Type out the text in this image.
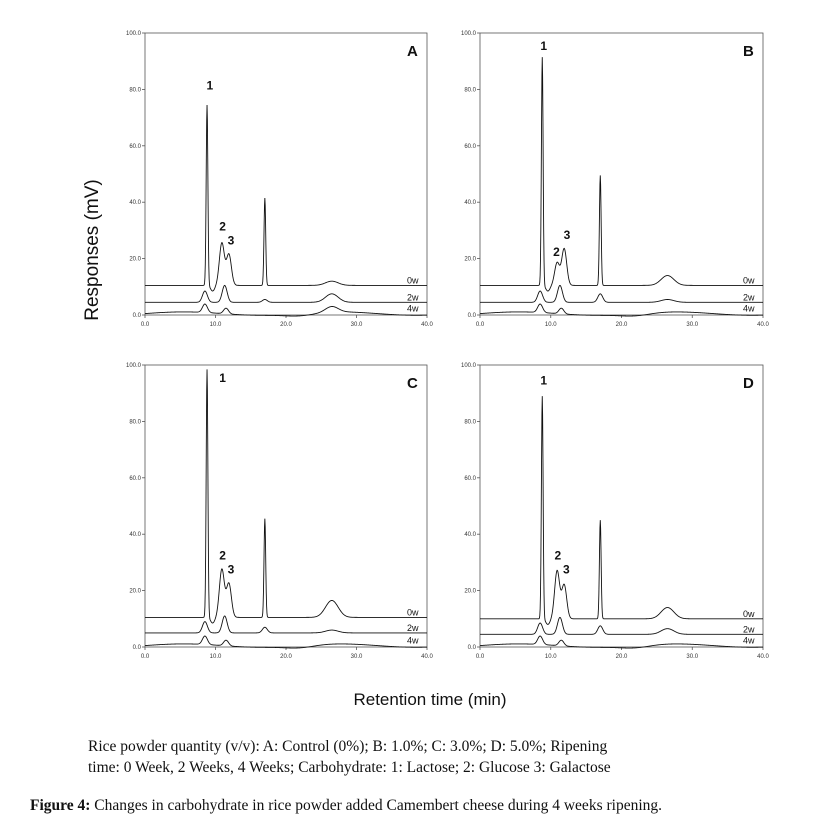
0.0
20.0
40.0
60.0
80.0
100.0
0.0	10.0	20.0	30.0	40.0
A
0w
2w
4w
1
2
3
0.0
20.0
40.0
60.0
80.0
100.0
0.0	10.0	20.0	30.0	40.0
B
0w
2w
4w
1
2
3
0.0
20.0
40.0
60.0
80.0
100.0
0.0	10.0	20.0	30.0	40.0
C
0w
2w
4w
1
2
3
0.0
20.0
40.0
60.0
80.0
100.0
0.0	10.0	20.0	30.0	40.0
D
0w
2w
4w
1
2
3
Responses (mV)
Retention time (min)
Rice powder quantity (v/v): A: Control (0%); B: 1.0%; C: 3.0%; D: 5.0%; Ripening
time: 0 Week, 2 Weeks, 4 Weeks; Carbohydrate: 1: Lactose; 2: Glucose 3: Galactose
Figure 4: Changes in carbohydrate in rice powder added Camembert cheese during 4 weeks ripening.
